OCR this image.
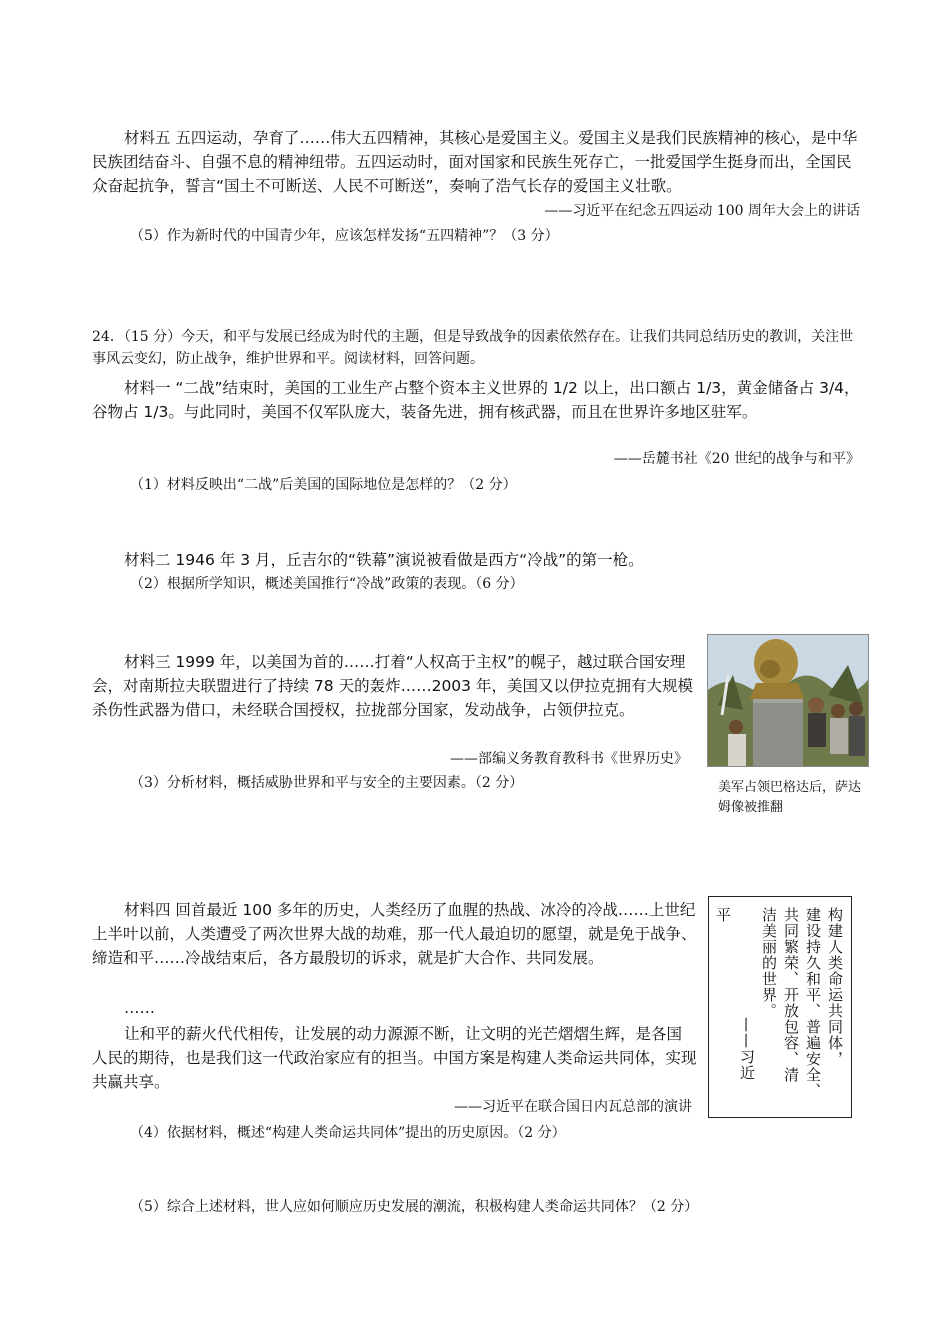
材料五 五四运动，孕育了……伟大五四精神，其核心是爱国主义。爱国主义是我们民族精神的核心，是中华民族团结奋斗、自强不息的精神纽带。五四运动时，面对国家和民族生死存亡，一批爱国学生挺身而出，全国民众奋起抗争，誓言“国土不可断送、人民不可断送”，奏响了浩气长存的爱国主义壮歌。

——习近平在纪念五四运动 100 周年大会上的讲话

（5）作为新时代的中国青少年，应该怎样发扬“五四精神”？（3 分）

24．（15 分）今天，和平与发展已经成为时代的主题，但是导致战争的因素依然存在。让我们共同总结历史的教训，关注世事风云变幻，防止战争，维护世界和平。阅读材料，回答问题。

材料一 “二战”结束时，美国的工业生产占整个资本主义世界的 1/2 以上，出口额占 1/3，黄金储备占 3/4，谷物占 1/3。与此同时，美国不仅军队庞大，装备先进，拥有核武器，而且在世界许多地区驻军。

——岳麓书社《20 世纪的战争与和平》

（1）材料反映出“二战”后美国的国际地位是怎样的？（2 分）

材料二 1946 年 3 月，丘吉尔的“铁幕”演说被看做是西方“冷战”的第一枪。

（2）根据所学知识，概述美国推行“冷战”政策的表现。（6 分）

材料三 1999 年，以美国为首的……打着“人权高于主权”的幌子，越过联合国安理会，对南斯拉夫联盟进行了持续 78 天的轰炸……2003 年，美国又以伊拉克拥有大规模杀伤性武器为借口，未经联合国授权，拉拢部分国家，发动战争，占领伊拉克。

——部编义务教育教科书《世界历史》

（3）分析材料，概括威胁世界和平与安全的主要因素。（2 分）	美军占领巴格达后，萨达姆像被推翻

材料四 回首最近 100 多年的历史，人类经历了血腥的热战、冰冷的冷战……上世纪上半叶以前，人类遭受了两次世界大战的劫难，那一代人最迫切的愿望，就是免于战争、缔造和平……冷战结束后，各方最殷切的诉求，就是扩大合作、共同发展。

……

让和平的薪火代代相传，让发展的动力源源不断，让文明的光芒熠熠生辉，是各国人民的期待，也是我们这一代政治家应有的担当。中国方案是构建人类命运共同体，实现共赢共享。

——习近平在联合国日内瓦总部的演讲

构建人类命运共同体，
建设持久和平、普遍安全、
共同繁荣、开放包容、清
洁美丽的世界。
——习近
平

（4）依据材料，概述“构建人类命运共同体”提出的历史原因。（2 分）

（5）综合上述材料，世人应如何顺应历史发展的潮流，积极构建人类命运共同体？（2 分）
